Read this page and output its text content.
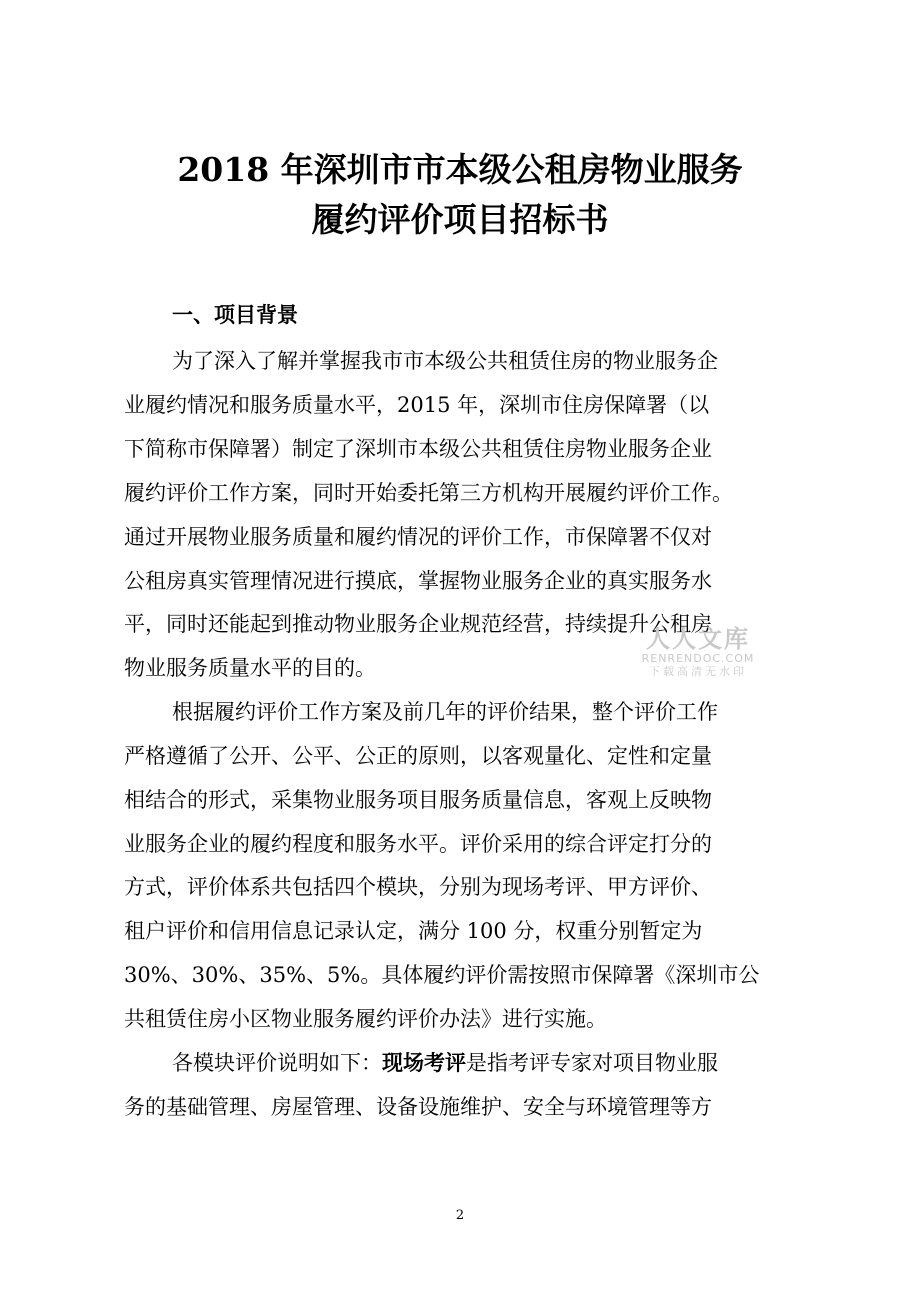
2018 年深圳市市本级公租房物业服务
履约评价项目招标书
一、项目背景
为了深入了解并掌握我市市本级公共租赁住房的物业服务企
业履约情况和服务质量水平，2015 年，深圳市住房保障署（以
下简称市保障署）制定了深圳市本级公共租赁住房物业服务企业
履约评价工作方案，同时开始委托第三方机构开展履约评价工作。
通过开展物业服务质量和履约情况的评价工作，市保障署不仅对
公租房真实管理情况进行摸底，掌握物业服务企业的真实服务水
平，同时还能起到推动物业服务企业规范经营，持续提升公租房
物业服务质量水平的目的。
根据履约评价工作方案及前几年的评价结果，整个评价工作
严格遵循了公开、公平、公正的原则，以客观量化、定性和定量
相结合的形式，采集物业服务项目服务质量信息，客观上反映物
业服务企业的履约程度和服务水平。评价采用的综合评定打分的
方式，评价体系共包括四个模块，分别为现场考评、甲方评价、
租户评价和信用信息记录认定，满分 100 分，权重分别暂定为
30%、30%、35%、5%。具体履约评价需按照市保障署《深圳市公
共租赁住房小区物业服务履约评价办法》进行实施。
各模块评价说明如下：现场考评是指考评专家对项目物业服
务的基础管理、房屋管理、设备设施维护、安全与环境管理等方
人人文库
RENRENDOC.COM
下载高清无水印
2
